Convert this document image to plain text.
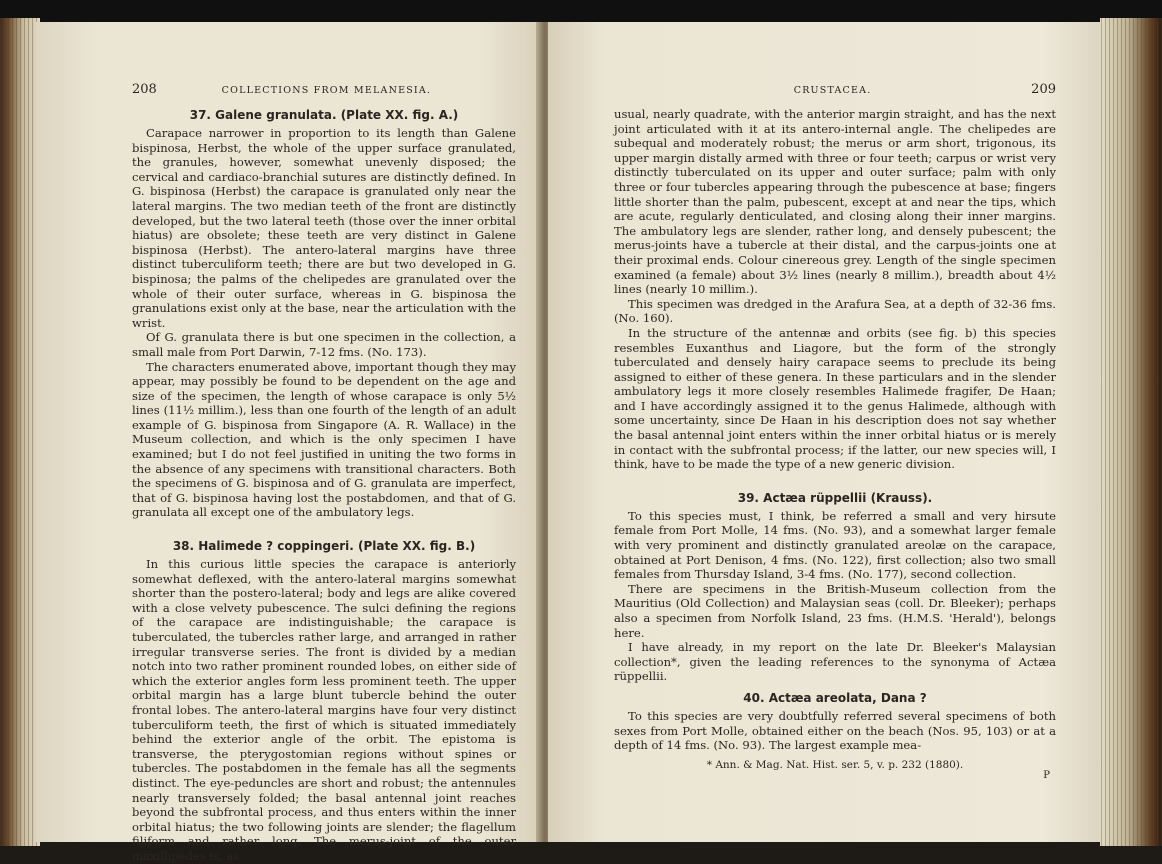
208	COLLECTIONS FROM MELANESIA.
37. Galene granulata. (Plate XX. fig. A.)

Carapace narrower in proportion to its length than Galene bispinosa, Herbst, the whole of the upper surface granulated, the granules, however, somewhat unevenly disposed; the cervical and cardiaco-branchial sutures are distinctly defined. In G. bispinosa (Herbst) the carapace is granulated only near the lateral margins. The two median teeth of the front are distinctly developed, but the two lateral teeth (those over the inner orbital hiatus) are obsolete; these teeth are very distinct in Galene bispinosa (Herbst). The antero-lateral margins have three distinct tuberculiform teeth; there are but two developed in G. bispinosa; the palms of the chelipedes are granulated over the whole of their outer surface, whereas in G. bispinosa the granulations exist only at the base, near the articulation with the wrist.

Of G. granulata there is but one specimen in the collection, a small male from Port Darwin, 7-12 fms. (No. 173).

The characters enumerated above, important though they may appear, may possibly be found to be dependent on the age and size of the specimen, the length of whose carapace is only 5½ lines (11½ millim.), less than one fourth of the length of an adult example of G. bispinosa from Singapore (A. R. Wallace) in the Museum collection, and which is the only specimen I have examined; but I do not feel justified in uniting the two forms in the absence of any specimens with transitional characters. Both the specimens of G. bispinosa and of G. granulata are imperfect, that of G. bispinosa having lost the postabdomen, and that of G. granulata all except one of the ambulatory legs.

38. Halimede ? coppingeri. (Plate XX. fig. B.)

In this curious little species the carapace is anteriorly somewhat deflexed, with the antero-lateral margins somewhat shorter than the postero-lateral; body and legs are alike covered with a close velvety pubescence. The sulci defining the regions of the carapace are indistinguishable; the carapace is tuberculated, the tubercles rather large, and arranged in rather irregular transverse series. The front is divided by a median notch into two rather prominent rounded lobes, on either side of which the exterior angles form less prominent teeth. The upper orbital margin has a large blunt tubercle behind the outer frontal lobes. The antero-lateral margins have four very distinct tuberculiform teeth, the first of which is situated immediately behind the exterior angle of the orbit. The epistoma is transverse, the pterygostomian regions without spines or tubercles. The postabdomen in the female has all the segments distinct. The eye-peduncles are short and robust; the antennules nearly transversely folded; the basal antennal joint reaches beyond the subfrontal process, and thus enters within the inner orbital hiatus; the two following joints are slender; the flagellum filiform and rather long. The merus-joint of the outer maxillipedes is, as

CRUSTACEA.	209

usual, nearly quadrate, with the anterior margin straight, and has the next joint articulated with it at its antero-internal angle. The chelipedes are subequal and moderately robust; the merus or arm short, trigonous, its upper margin distally armed with three or four teeth; carpus or wrist very distinctly tuberculated on its upper and outer surface; palm with only three or four tubercles appearing through the pubescence at base; fingers little shorter than the palm, pubescent, except at and near the tips, which are acute, regularly denticulated, and closing along their inner margins. The ambulatory legs are slender, rather long, and densely pubescent; the merus-joints have a tubercle at their distal, and the carpus-joints one at their proximal ends. Colour cinereous grey. Length of the single specimen examined (a female) about 3½ lines (nearly 8 millim.), breadth about 4½ lines (nearly 10 millim.).

This specimen was dredged in the Arafura Sea, at a depth of 32-36 fms. (No. 160).

In the structure of the antennæ and orbits (see fig. b) this species resembles Euxanthus and Liagore, but the form of the strongly tuberculated and densely hairy carapace seems to preclude its being assigned to either of these genera. In these particulars and in the slender ambulatory legs it more closely resembles Halimede fragifer, De Haan; and I have accordingly assigned it to the genus Halimede, although with some uncertainty, since De Haan in his description does not say whether the basal antennal joint enters within the inner orbital hiatus or is merely in contact with the subfrontal process; if the latter, our new species will, I think, have to be made the type of a new generic division.

39. Actæa rüppellii (Krauss).

To this species must, I think, be referred a small and very hirsute female from Port Molle, 14 fms. (No. 93), and a somewhat larger female with very prominent and distinctly granulated areolæ on the carapace, obtained at Port Denison, 4 fms. (No. 122), first collection; also two small females from Thursday Island, 3-4 fms. (No. 177), second collection.

There are specimens in the British-Museum collection from the Mauritius (Old Collection) and Malaysian seas (coll. Dr. Bleeker); perhaps also a specimen from Norfolk Island, 23 fms. (H.M.S. 'Herald'), belongs here.

I have already, in my report on the late Dr. Bleeker's Malaysian collection*, given the leading references to the synonyma of Actæa rüppellii.

40. Actæa areolata, Dana ?

To this species are very doubtfully referred several specimens of both sexes from Port Molle, obtained either on the beach (Nos. 95, 103) or at a depth of 14 fms. (No. 93). The largest example mea-

* Ann. & Mag. Nat. Hist. ser. 5, v. p. 232 (1880).
P
